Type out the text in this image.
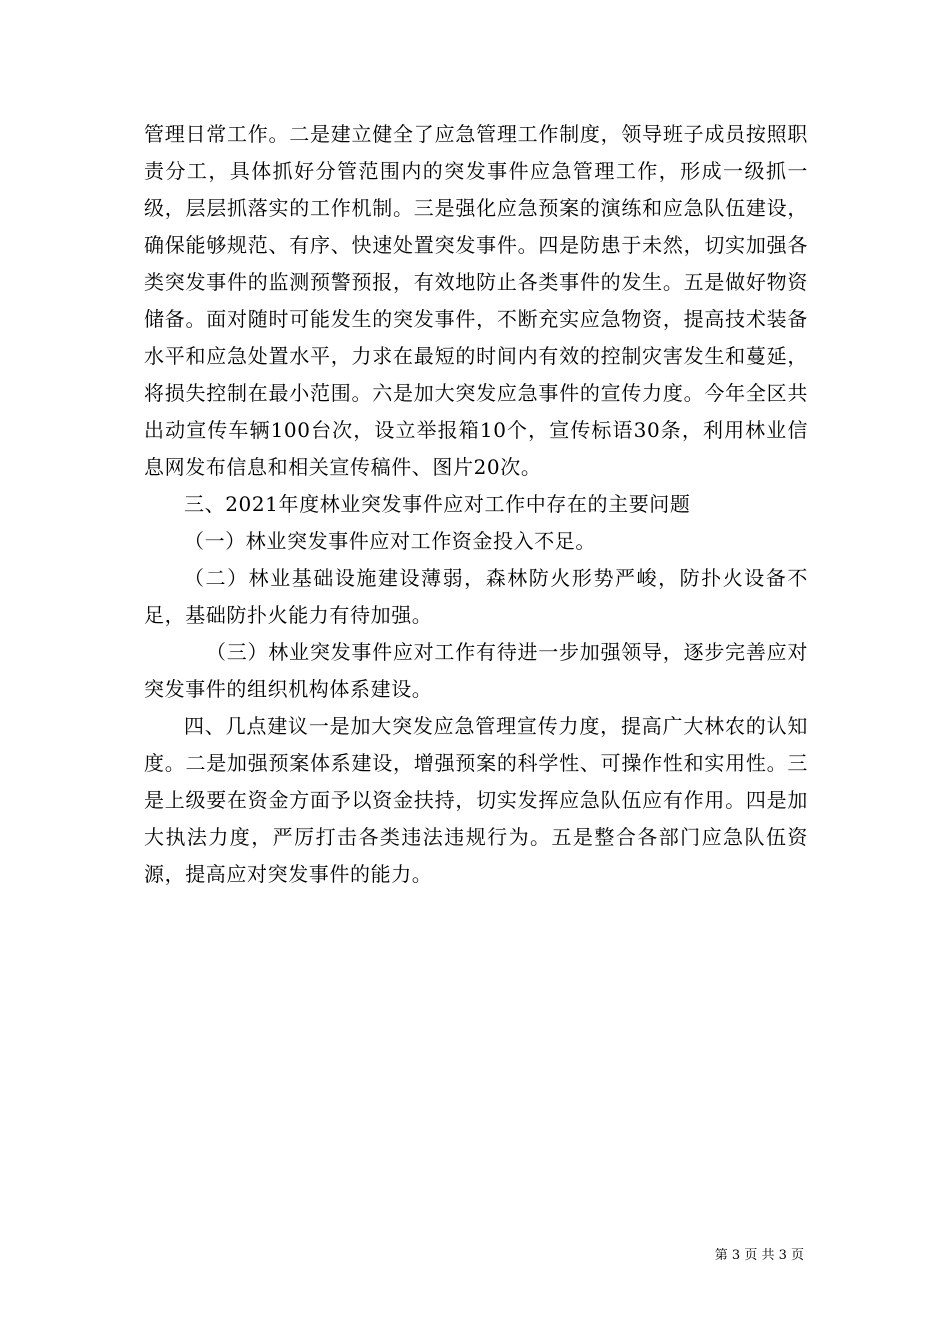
管理日常工作。二是建立健全了应急管理工作制度，领导班子成员按照职责分工，具体抓好分管范围内的突发事件应急管理工作，形成一级抓一级，层层抓落实的工作机制。三是强化应急预案的演练和应急队伍建设，确保能够规范、有序、快速处置突发事件。四是防患于未然，切实加强各类突发事件的监测预警预报，有效地防止各类事件的发生。五是做好物资储备。面对随时可能发生的突发事件，不断充实应急物资，提高技术装备水平和应急处置水平，力求在最短的时间内有效的控制灾害发生和蔓延，将损失控制在最小范围。六是加大突发应急事件的宣传力度。今年全区共出动宣传车辆100台次，设立举报箱10个，宣传标语30条，利用林业信息网发布信息和相关宣传稿件、图片20次。

三、2021年度林业突发事件应对工作中存在的主要问题

（一）林业突发事件应对工作资金投入不足。

（二）林业基础设施建设薄弱，森林防火形势严峻，防扑火设备不足，基础防扑火能力有待加强。

（三）林业突发事件应对工作有待进一步加强领导，逐步完善应对突发事件的组织机构体系建设。

四、几点建议一是加大突发应急管理宣传力度，提高广大林农的认知度。二是加强预案体系建设，增强预案的科学性、可操作性和实用性。三是上级要在资金方面予以资金扶持，切实发挥应急队伍应有作用。四是加大执法力度，严厉打击各类违法违规行为。五是整合各部门应急队伍资源，提高应对突发事件的能力。

第 3 页 共 3 页
